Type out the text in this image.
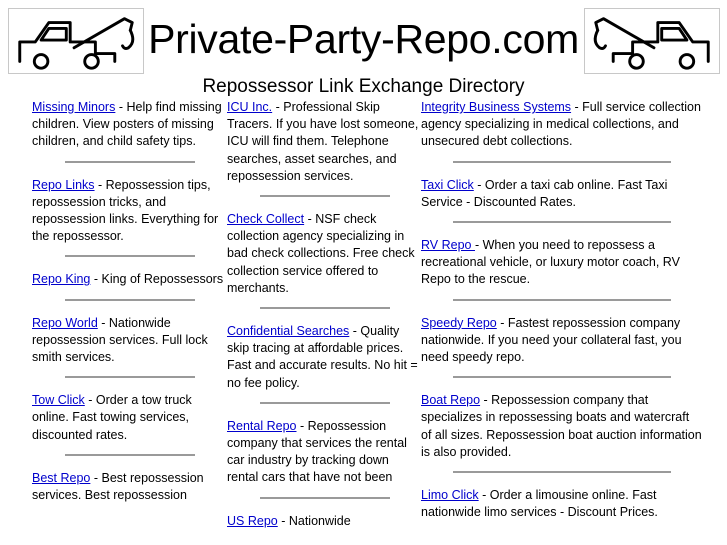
Private-Party-Repo.com
Repossessor Link Exchange Directory

Missing Minors - Help find missing children. View posters of missing children, and child safety tips.

Repo Links - Repossession tips, repossession tricks, and repossession links. Everything for the repossessor.

Repo King - King of Repossessors

Repo World - Nationwide repossession services. Full lock smith services.

Tow Click - Order a tow truck online. Fast towing services, discounted rates.

Best Repo - Best repossession services. Best repossession

ICU Inc. - Professional Skip Tracers. If you have lost someone, ICU will find them. Telephone searches, asset searches, and repossession services.

Check Collect - NSF check collection agency specializing in bad check collections. Free check collection service offered to merchants.

Confidential Searches - Quality skip tracing at affordable prices. Fast and accurate results. No hit = no fee policy.

Rental Repo - Repossession company that services the rental car industry by tracking down rental cars that have not been

US Repo - Nationwide

Integrity Business Systems - Full service collection agency specializing in medical collections, and unsecured debt collections.

Taxi Click - Order a taxi cab online. Fast Taxi Service - Discounted Rates.

RV Repo - When you need to repossess a recreational vehicle, or luxury motor coach, RV Repo to the rescue.

Speedy Repo - Fastest repossession company nationwide. If you need your collateral fast, you need speedy repo.

Boat Repo - Repossession company that specializes in repossessing boats and watercraft of all sizes. Repossession boat auction information is also provided.

Limo Click - Order a limousine online. Fast nationwide limo services - Discount Prices.
